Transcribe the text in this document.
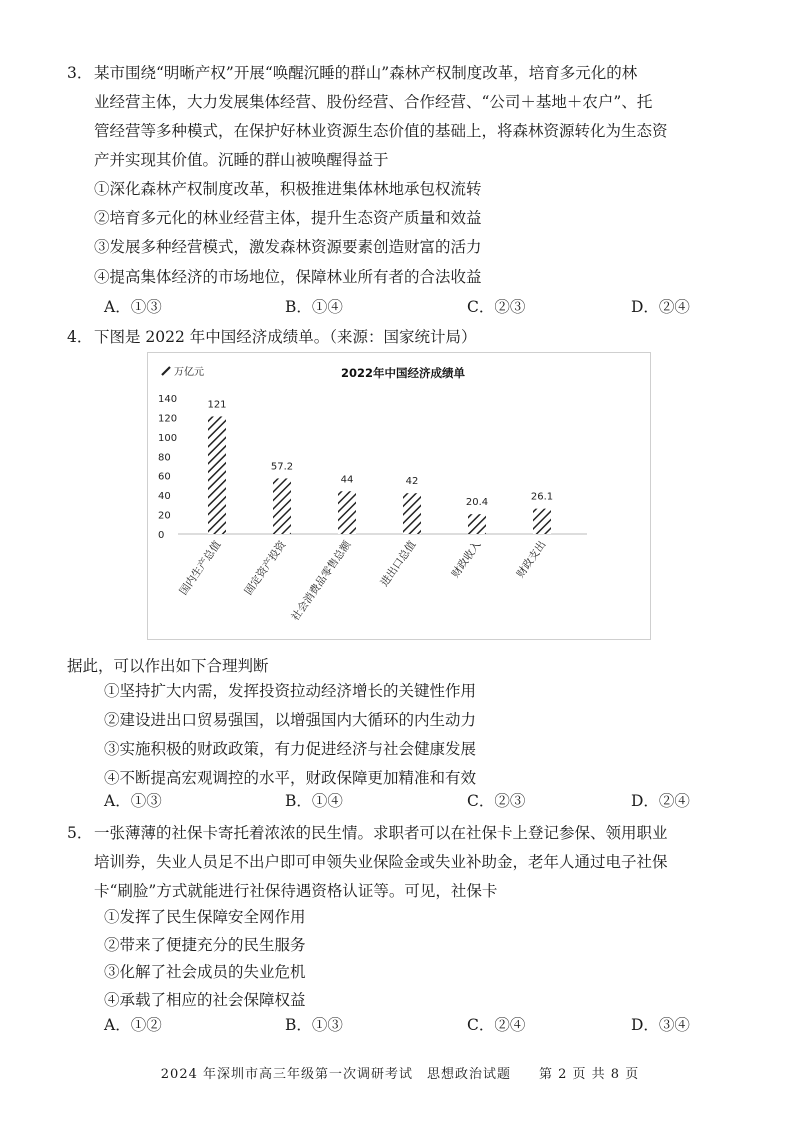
3． 某市围绕“明晰产权”开展“唤醒沉睡的群山”森林产权制度改革，培育多元化的林
业经营主体，大力发展集体经营、股份经营、合作经营、“公司＋基地＋农户”、托
管经营等多种模式，在保护好林业资源生态价值的基础上，将森林资源转化为生态资
产并实现其价值。沉睡的群山被唤醒得益于
①深化森林产权制度改革，积极推进集体林地承包权流转
②培育多元化的林业经营主体，提升生态资产质量和效益
③发展多种经营模式，激发森林资源要素创造财富的活力
④提高集体经济的市场地位，保障林业所有者的合法收益
A．①③	B．①④	C．②③	D．②④
4． 下图是 2022 年中国经济成绩单。（来源：国家统计局）
2022年中国经济成绩单
万亿元
0
20
40
60
80
100
120
140	121
57.2
44	42
20.4
26.1
国内生产总值 固定资产投资 社会消费品零售总额 进出口总值	财政收入	财政支出
据此，可以作出如下合理判断
①坚持扩大内需，发挥投资拉动经济增长的关键性作用
②建设进出口贸易强国，以增强国内大循环的内生动力
③实施积极的财政政策，有力促进经济与社会健康发展
④不断提高宏观调控的水平，财政保障更加精准和有效
A．①③	B．①④	C．②③	D．②④
5． 一张薄薄的社保卡寄托着浓浓的民生情。求职者可以在社保卡上登记参保、领用职业
培训券，失业人员足不出户即可申领失业保险金或失业补助金，老年人通过电子社保
卡“刷脸”方式就能进行社保待遇资格认证等。可见，社保卡
①发挥了民生保障安全网作用
②带来了便捷充分的民生服务
③化解了社会成员的失业危机
④承载了相应的社会保障权益
A．①②	B．①③	C．②④	D．③④
2024 年深圳市高三年级第一次调研考试　思想政治试题　　第 2 页 共 8 页
